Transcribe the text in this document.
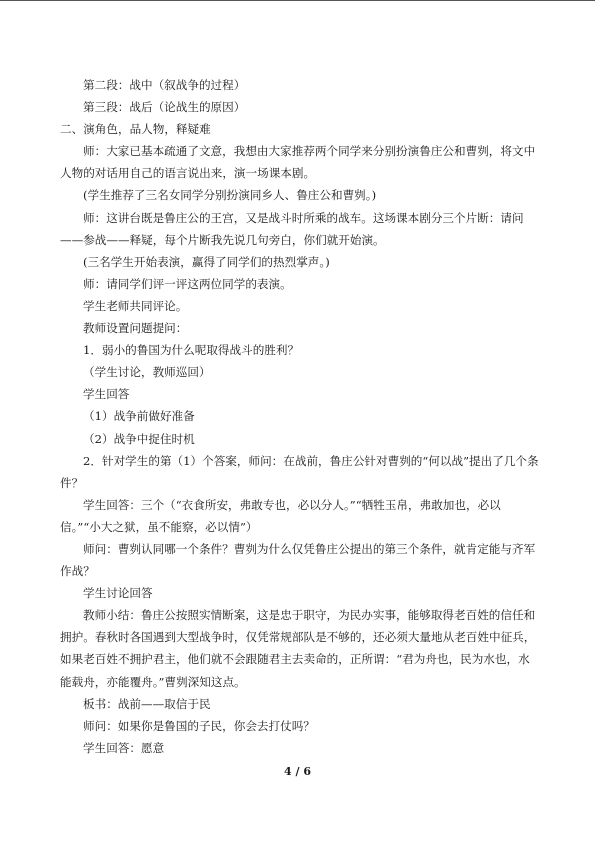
第二段：战中（叙战争的过程）

第三段：战后（论战生的原因）

二、演角色，品人物，释疑难

师：大家已基本疏通了文意，我想由大家推荐两个同学来分别扮演鲁庄公和曹刿，将文中人物的对话用自己的语言说出来，演一场课本剧。

(学生推荐了三名女同学分别扮演同乡人、鲁庄公和曹刿。)

师：这讲台既是鲁庄公的王宫，又是战斗时所乘的战车。这场课本剧分三个片断：请问——参战——释疑，每个片断我先说几句旁白，你们就开始演。

(三名学生开始表演，赢得了同学们的热烈掌声。)

师：请同学们评一评这两位同学的表演。

学生老师共同评论。

教师设置问题提问：

1．弱小的鲁国为什么呢取得战斗的胜利？

（学生讨论，教师巡回）

学生回答

（1）战争前做好准备

（2）战争中捉住时机

2．针对学生的第（1）个答案，师问：在战前，鲁庄公针对曹刿的“何以战”提出了几个条件？

学生回答：三个（“衣食所安，弗敢专也，必以分人。”“牺牲玉帛，弗敢加也，必以信。”“小大之狱，虽不能察，必以情”）

师问：曹刿认同哪一个条件？曹刿为什么仅凭鲁庄公提出的第三个条件，就肯定能与齐军作战？

学生讨论回答

教师小结：鲁庄公按照实情断案，这是忠于职守，为民办实事，能够取得老百姓的信任和拥护。春秋时各国遇到大型战争时，仅凭常规部队是不够的，还必须大量地从老百姓中征兵，如果老百姓不拥护君主，他们就不会跟随君主去卖命的，正所谓：“君为舟也，民为水也，水能载舟，亦能覆舟。”曹刿深知这点。

板书：战前——取信于民

师问：如果你是鲁国的子民，你会去打仗吗？

学生回答：愿意

4 / 6
